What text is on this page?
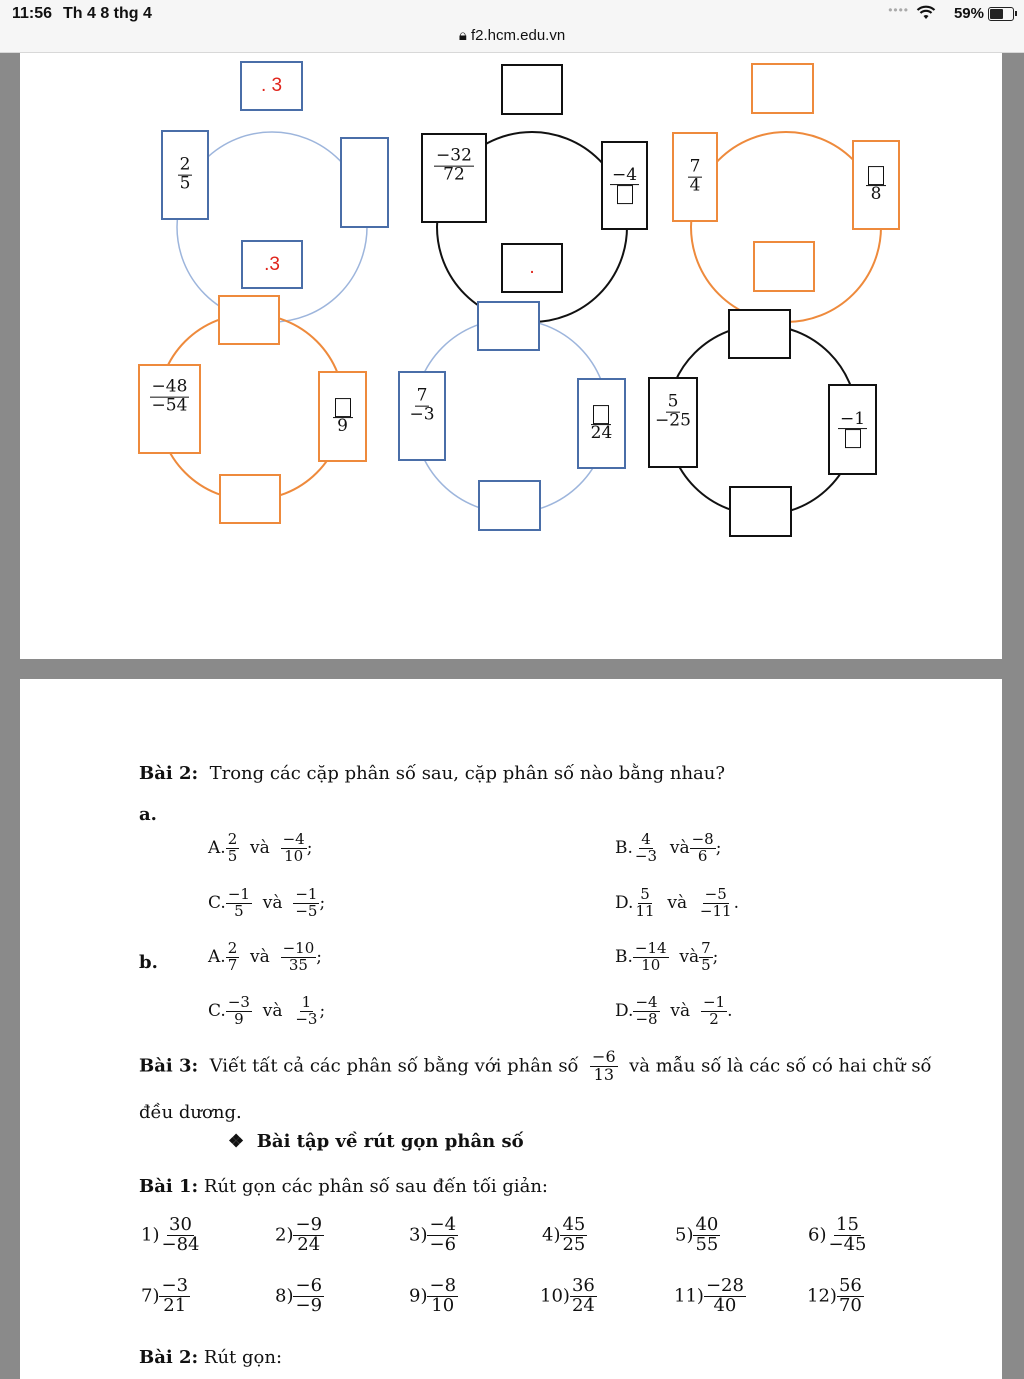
11:56 Th 4 8 thg 4	••••	59%
🔒︎ f2.hcm.edu.vn
. 3
$\frac{2}{5}$
.3
$\frac{-32}{72}$	−4
.
$\frac{7}{4}$	8
$\frac{-48}{-54}$
9
$\frac{7}{-3}$
24
$\frac{5}{-25}$	−1
Bài 2: Trong các cặp phân số sau, cặp phân số nào bằng nhau?
a.
A. $\frac{2}{5}$ và $\frac{-4}{10}$ ;	B. $\frac{4}{-3}$ và $\frac{-8}{6}$ ;
C. $\frac{-1}{5}$ và $\frac{-1}{-5}$ ;	D. $\frac{5}{11}$ và $\frac{-5}{-11}$ .
b.	A. $\frac{2}{7}$ và $\frac{-10}{35}$ ;	B. $\frac{-14}{10}$ và $\frac{7}{5}$ ;
C. $\frac{-3}{9}$ và $\frac{1}{-3}$ ;	D. $\frac{-4}{-8}$ và $\frac{-1}{2}$ .
Bài 3: Viết tất cả các phân số bằng với phân số $\frac{-6}{13}$ và mẫu số là các số có hai chữ số
đều dương.
❖ Bài tập về rút gọn phân số
Bài 1: Rút gọn các phân số sau đến tối giản:
$1) \frac{30}{-84}$	$2) \frac{-9}{24}$	$3) \frac{-4}{-6}$	$4) \frac{45}{25}$	$5) \frac{40}{55}$	$6) \frac{15}{-45}$
$7) \frac{-3}{21}$	$8) \frac{-6}{-9}$	$9) \frac{-8}{10}$	$10) \frac{36}{24}$	$11) \frac{-28}{40}$	$12) \frac{56}{70}$
Bài 2: Rút gọn:
